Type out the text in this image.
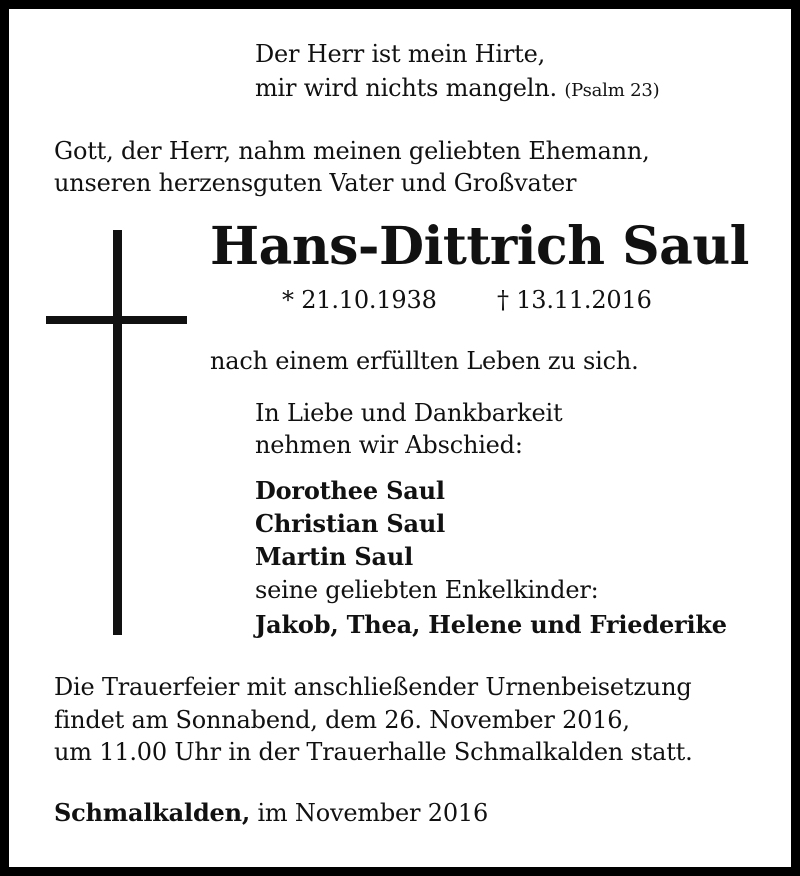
Der Herr ist mein Hirte,
mir wird nichts mangeln. (Psalm 23)
Gott, der Herr, nahm meinen geliebten Ehemann,
unseren herzensguten Vater und Großvater
Hans-Dittrich Saul
* 21.10.1938	† 13.11.2016
nach einem erfüllten Leben zu sich.
In Liebe und Dankbarkeit
nehmen wir Abschied:
Dorothee Saul
Christian Saul
Martin Saul
seine geliebten Enkelkinder:
Jakob, Thea, Helene und Friederike
Die Trauerfeier mit anschließender Urnenbeisetzung
findet am Sonnabend, dem 26. November 2016,
um 11.00 Uhr in der Trauerhalle Schmalkalden statt.
Schmalkalden, im November 2016
